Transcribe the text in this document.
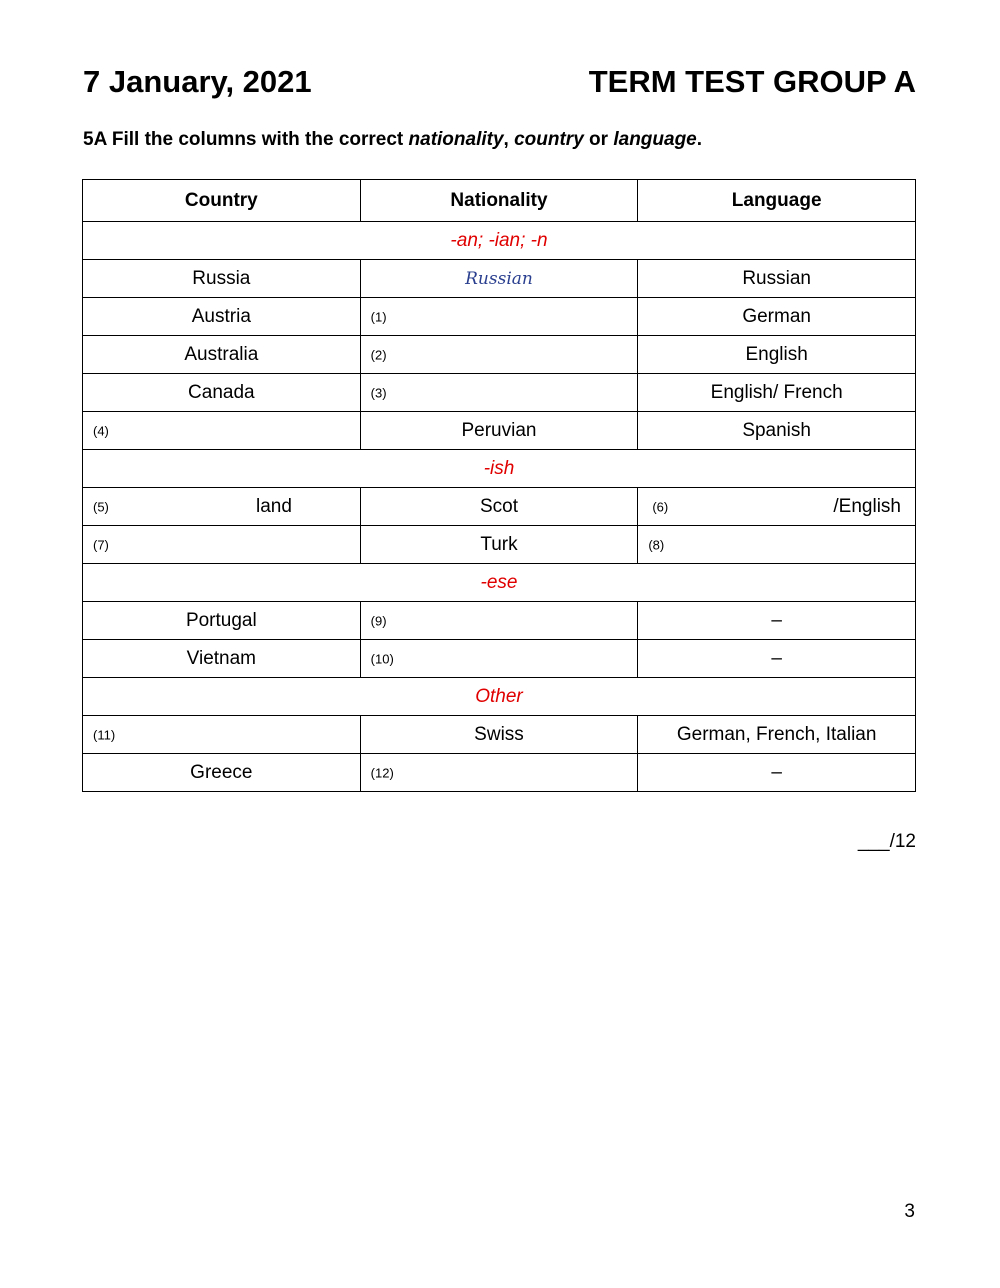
7 January, 2021	TERM TEST GROUP A
5A Fill the columns with the correct nationality, country or language.
Country	Nationality	Language
-an; -ian; -n		
Russia	Russian	Russian
Austria	(1)	German
Australia	(2)	English
Canada	(3)	English/ French

(4)	Peruvian	Spanish
-ish		

(5) land	Scot	(6) /English

(7)	Turk	(8)

-ese		
Portugal	(9)	–
Vietnam	(10)	–
Other		

(11)	Swiss	German, French, Italian
Greece	(12)	–
___/12
3
